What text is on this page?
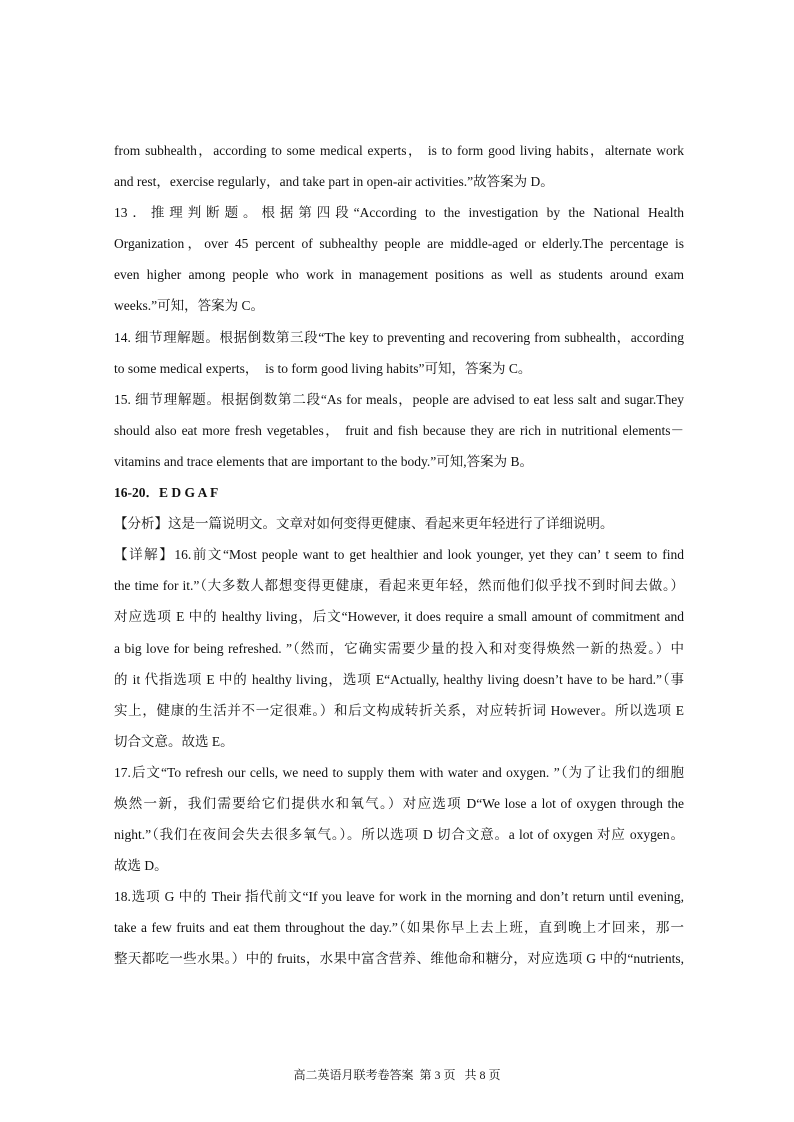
from subhealth，according to some medical experts， is to form good living habits，alternate work
and rest，exercise regularly，and take part in open-air activities.”故答案为 D。
13．推理判断题。根据第四段“According to the investigation by the National Health
Organization，over 45 percent of subhealthy people are middle-aged or elderly.The percentage is
even higher among people who work in management positions as well as students around exam
weeks.”可知，答案为 C。
14. 细节理解题。根据倒数第三段“The key to preventing and recovering from subhealth，according
to some medical experts，  is to form good living habits”可知，答案为 C。
15. 细节理解题。根据倒数第二段“As for meals，people are advised to eat less salt and sugar.They
should also eat more fresh vegetables， fruit and fish because they are rich in nutritional elements－
vitamins and trace elements that are important to the body.”可知,答案为 B。
16-20．E D G A F
【分析】这是一篇说明文。文章对如何变得更健康、看起来更年轻进行了详细说明。
【详解】16.前文“Most people want to get healthier and look younger, yet they can’ t seem to find
the time for it.”（大多数人都想变得更健康，看起来更年轻，然而他们似乎找不到时间去做。）
对应选项 E 中的 healthy living，后文“However, it does require a small amount of commitment and
a big love for being refreshed. ”（然而，它确实需要少量的投入和对变得焕然一新的热爱。）中
的 it 代指选项 E 中的 healthy living，选项 E“Actually, healthy living doesn’t have to be hard.”（事
实上，健康的生活并不一定很难。）和后文构成转折关系，对应转折词 However。所以选项 E
切合文意。故选 E。
17.后文“To refresh our cells, we need to supply them with water and oxygen. ”（为了让我们的细胞
焕然一新，我们需要给它们提供水和氧气。）对应选项 D“We lose a lot of oxygen through the
night.”（我们在夜间会失去很多氧气。）。所以选项 D 切合文意。a lot of oxygen 对应 oxygen。
故选 D。
18.选项 G 中的 Their 指代前文“If you leave for work in the morning and don’t return until evening,
take a few fruits and eat them throughout the day.”（如果你早上去上班，直到晚上才回来，那一
整天都吃一些水果。）中的 fruits，水果中富含营养、维他命和糖分，对应选项 G 中的“nutrients,
高二英语月联考卷答案  第 3 页   共 8 页
